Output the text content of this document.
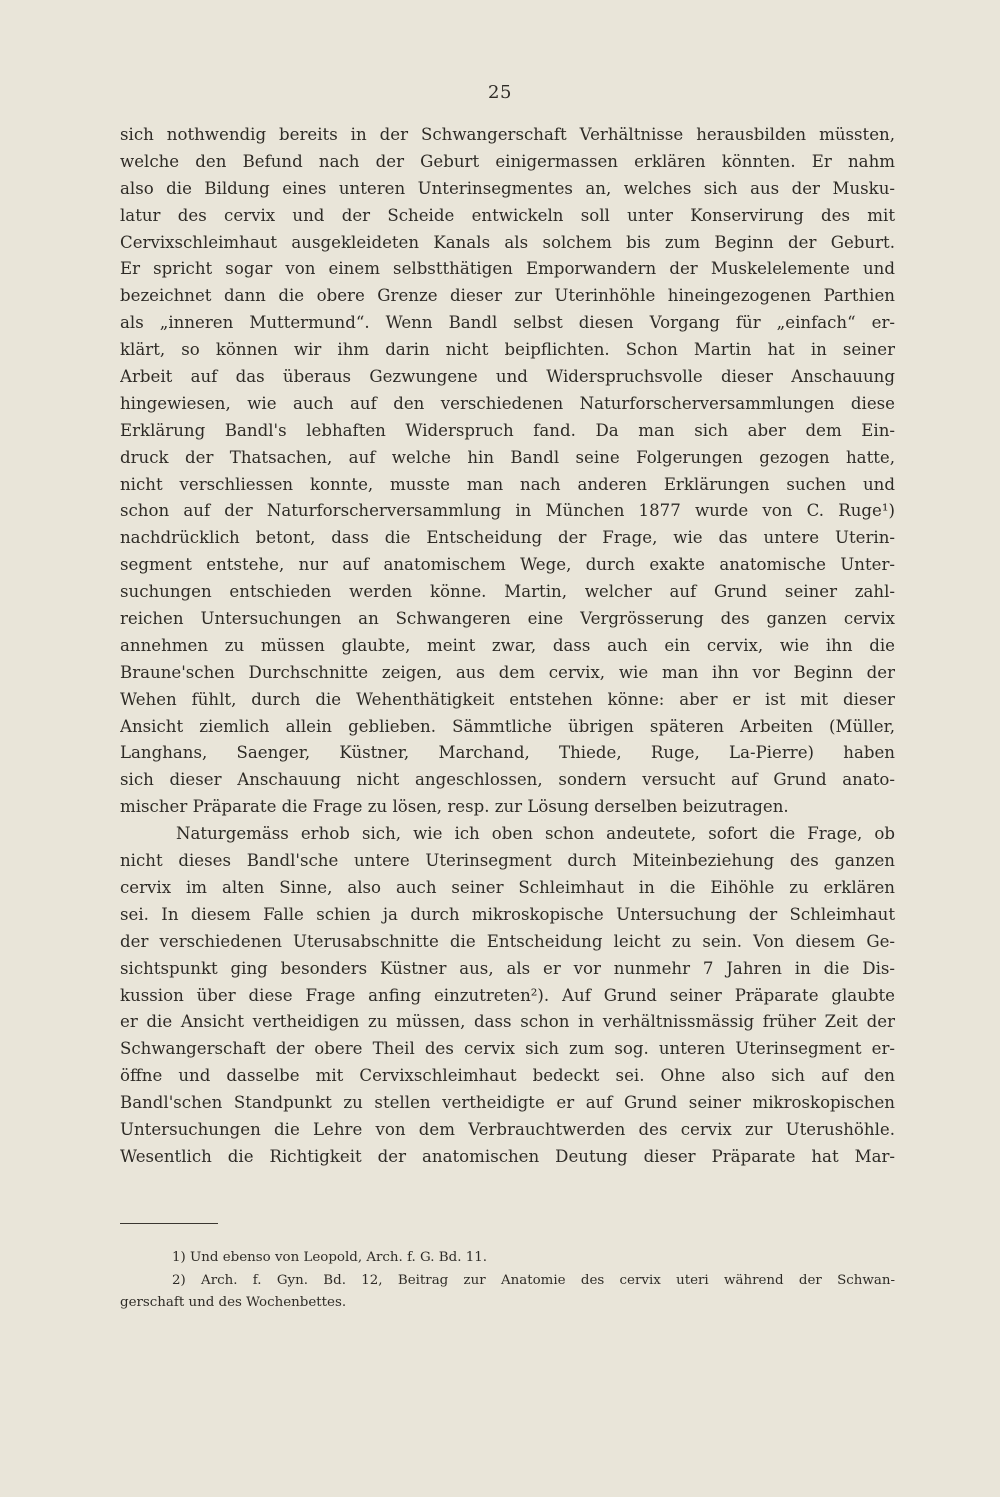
25
sich nothwendig bereits in der Schwangerschaft Verhältnisse herausbilden müssten,
welche den Befund nach der Geburt einigermassen erklären könnten. Er nahm
also die Bildung eines unteren Unterinsegmentes an, welches sich aus der Musku-
latur des cervix und der Scheide entwickeln soll unter Konservirung des mit
Cervixschleimhaut ausgekleideten Kanals als solchem bis zum Beginn der Geburt.
Er spricht sogar von einem selbstthätigen Emporwandern der Muskelelemente und
bezeichnet dann die obere Grenze dieser zur Uterinhöhle hineingezogenen Parthien
als „inneren Muttermund“. Wenn Bandl selbst diesen Vorgang für „einfach“ er-
klärt, so können wir ihm darin nicht beipflichten. Schon Martin hat in seiner
Arbeit auf das überaus Gezwungene und Widerspruchsvolle dieser Anschauung
hingewiesen, wie auch auf den verschiedenen Naturforscherversammlungen diese
Erklärung Bandl's lebhaften Widerspruch fand. Da man sich aber dem Ein-
druck der Thatsachen, auf welche hin Bandl seine Folgerungen gezogen hatte,
nicht verschliessen konnte, musste man nach anderen Erklärungen suchen und
schon auf der Naturforscherversammlung in München 1877 wurde von C. Ruge¹)
nachdrücklich betont, dass die Entscheidung der Frage, wie das untere Uterin-
segment entstehe, nur auf anatomischem Wege, durch exakte anatomische Unter-
suchungen entschieden werden könne. Martin, welcher auf Grund seiner zahl-
reichen Untersuchungen an Schwangeren eine Vergrösserung des ganzen cervix
annehmen zu müssen glaubte, meint zwar, dass auch ein cervix, wie ihn die
Braune'schen Durchschnitte zeigen, aus dem cervix, wie man ihn vor Beginn der
Wehen fühlt, durch die Wehenthätigkeit entstehen könne: aber er ist mit dieser
Ansicht ziemlich allein geblieben. Sämmtliche übrigen späteren Arbeiten (Müller,
Langhans, Saenger, Küstner, Marchand, Thiede, Ruge, La-Pierre) haben
sich dieser Anschauung nicht angeschlossen, sondern versucht auf Grund anato-
mischer Präparate die Frage zu lösen, resp. zur Lösung derselben beizutragen.
Naturgemäss erhob sich, wie ich oben schon andeutete, sofort die Frage, ob
nicht dieses Bandl'sche untere Uterinsegment durch Miteinbeziehung des ganzen
cervix im alten Sinne, also auch seiner Schleimhaut in die Eihöhle zu erklären
sei. In diesem Falle schien ja durch mikroskopische Untersuchung der Schleimhaut
der verschiedenen Uterusabschnitte die Entscheidung leicht zu sein. Von diesem Ge-
sichtspunkt ging besonders Küstner aus, als er vor nunmehr 7 Jahren in die Dis-
kussion über diese Frage anfing einzutreten²). Auf Grund seiner Präparate glaubte
er die Ansicht vertheidigen zu müssen, dass schon in verhältnissmässig früher Zeit der
Schwangerschaft der obere Theil des cervix sich zum sog. unteren Uterinsegment er-
öffne und dasselbe mit Cervixschleimhaut bedeckt sei. Ohne also sich auf den
Bandl'schen Standpunkt zu stellen vertheidigte er auf Grund seiner mikroskopischen
Untersuchungen die Lehre von dem Verbrauchtwerden des cervix zur Uterushöhle.
Wesentlich die Richtigkeit der anatomischen Deutung dieser Präparate hat Mar-
1) Und ebenso von Leopold, Arch. f. G. Bd. 11.
2) Arch. f. Gyn. Bd. 12, Beitrag zur Anatomie des cervix uteri während der Schwan-
gerschaft und des Wochenbettes.
